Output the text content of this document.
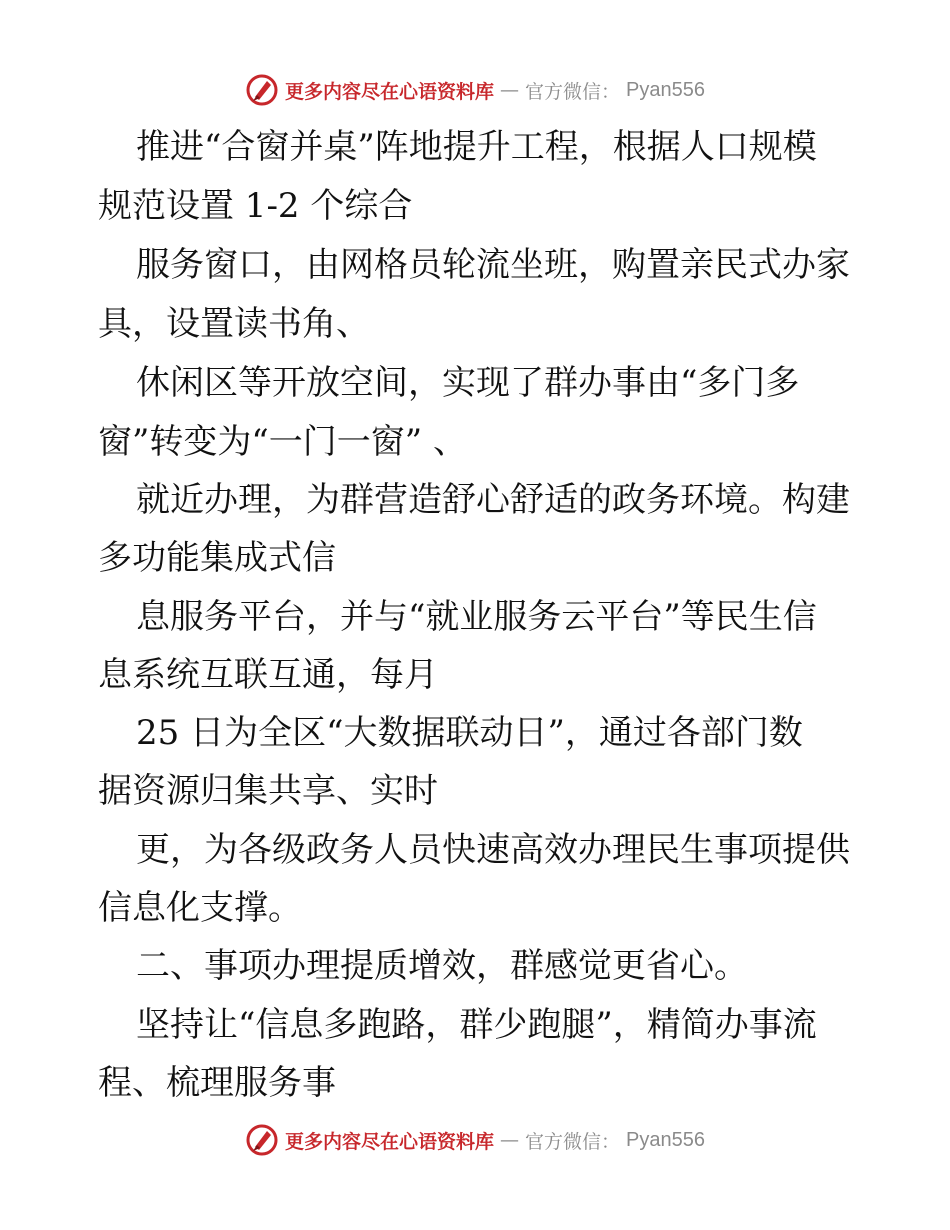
更多内容尽在心语资料库 — 官方微信： Pyan556
推进“合窗并桌”阵地提升工程，根据人口规模
规范设置 1-2 个综合
服务窗口，由网格员轮流坐班，购置亲民式办家
具，设置读书角、
休闲区等开放空间，实现了群办事由“多门多
窗”转变为“一门一窗” 、
就近办理，为群营造舒心舒适的政务环境。构建
多功能集成式信
息服务平台，并与“就业服务云平台”等民生信
息系统互联互通，每月
25 日为全区“大数据联动日”，通过各部门数
据资源归集共享、实时
更，为各级政务人员快速高效办理民生事项提供
信息化支撑。
二、事项办理提质增效，群感觉更省心。
坚持让“信息多跑路，群少跑腿”，精简办事流
程、梳理服务事
更多内容尽在心语资料库 — 官方微信： Pyan556
